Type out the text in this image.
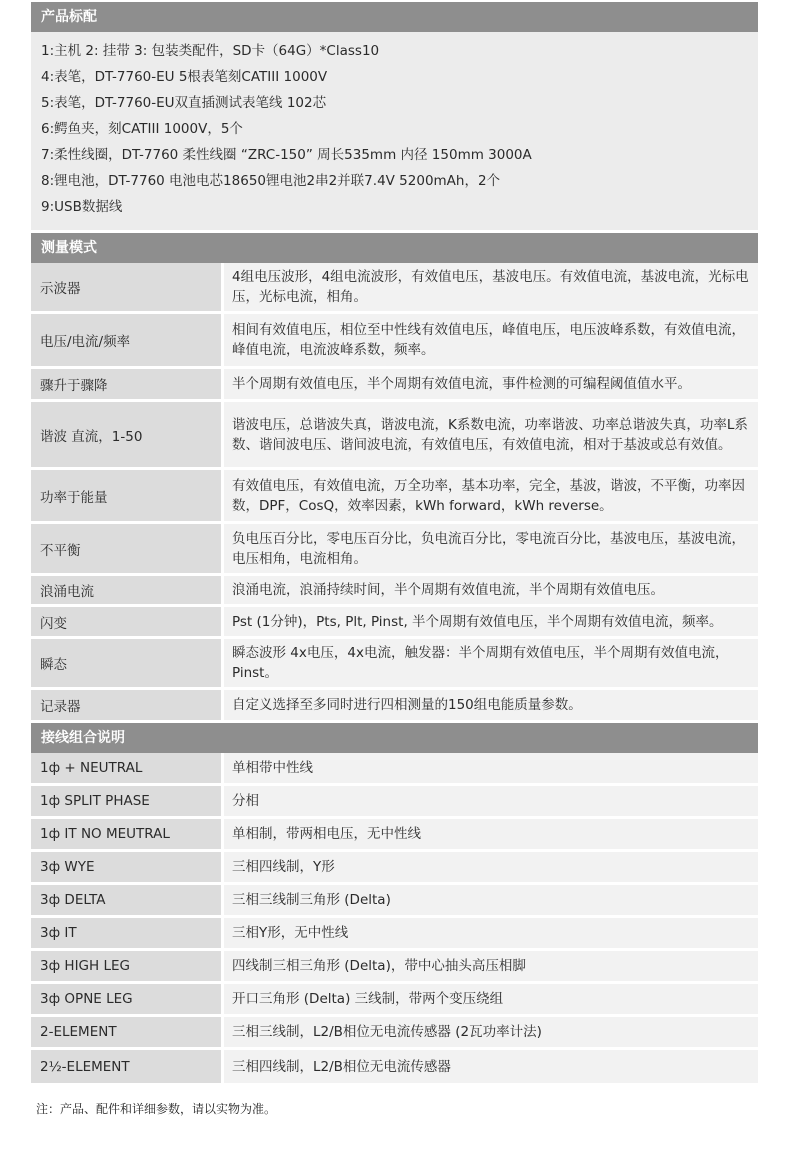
产品标配
1:主机 2: 挂带 3: 包装类配件，SD卡（64G）*Class10
4:表笔，DT-7760-EU 5根表笔刻CATIII 1000V
5:表笔，DT-7760-EU双直插测试表笔线 102芯
6:鳄鱼夹，刻CATIII 1000V，5个
7:柔性线圈，DT-7760 柔性线圈 “ZRC-150” 周长535mm 内径 150mm 3000A
8:锂电池，DT-7760 电池电芯18650锂电池2串2并联7.4V 5200mAh，2个
9:USB数据线
测量模式
示波器	4组电压波形，4组电流波形，有效值电压，基波电压。有效值电流，基波电流，光标电压，光标电流，相角。
电压/电流/频率	相间有效值电压，相位至中性线有效值电压，峰值电压，电压波峰系数，有效值电流，峰值电流，电流波峰系数，频率。
骤升于骤降	半个周期有效值电压，半个周期有效值电流，事件检测的可编程阈值值水平。
谐波 直流，1-50	谐波电压，总谐波失真，谐波电流，K系数电流，功率谐波、功率总谐波失真，功率L系数、谐间波电压、谐间波电流，有效值电压，有效值电流，相对于基波或总有效值。
功率于能量	有效值电压，有效值电流，万全功率，基本功率，完全，基波，谐波，不平衡，功率因数，DPF，CosQ，效率因素，kWh forward，kWh reverse。
不平衡	负电压百分比，零电压百分比，负电流百分比，零电流百分比，基波电压，基波电流，电压相角，电流相角。
浪涌电流	浪涌电流，浪涌持续时间，半个周期有效值电流，半个周期有效值电压。
闪变	Pst (1分钟)，Pts, Plt, Pinst, 半个周期有效值电压，半个周期有效值电流，频率。
瞬态	瞬态波形 4x电压，4x电流，触发器：半个周期有效值电压，半个周期有效值电流，Pinst。
记录器	自定义选择至多同时进行四相测量的150组电能质量参数。
接线组合说明
1ф + NEUTRAL	单相带中性线
1ф SPLIT PHASE	分相
1ф IT NO MEUTRAL	单相制，带两相电压，无中性线
3ф WYE	三相四线制，Y形
3ф DELTA	三相三线制三角形 (Delta)
3ф IT	三相Y形，无中性线
3ф HIGH LEG	四线制三相三角形 (Delta)，带中心抽头高压相脚
3ф OPNE LEG	开口三角形 (Delta) 三线制，带两个变压绕组
2-ELEMENT	三相三线制，L2/B相位无电流传感器 (2瓦功率计法)
2½-ELEMENT	三相四线制，L2/B相位无电流传感器
注：产品、配件和详细参数，请以实物为准。
